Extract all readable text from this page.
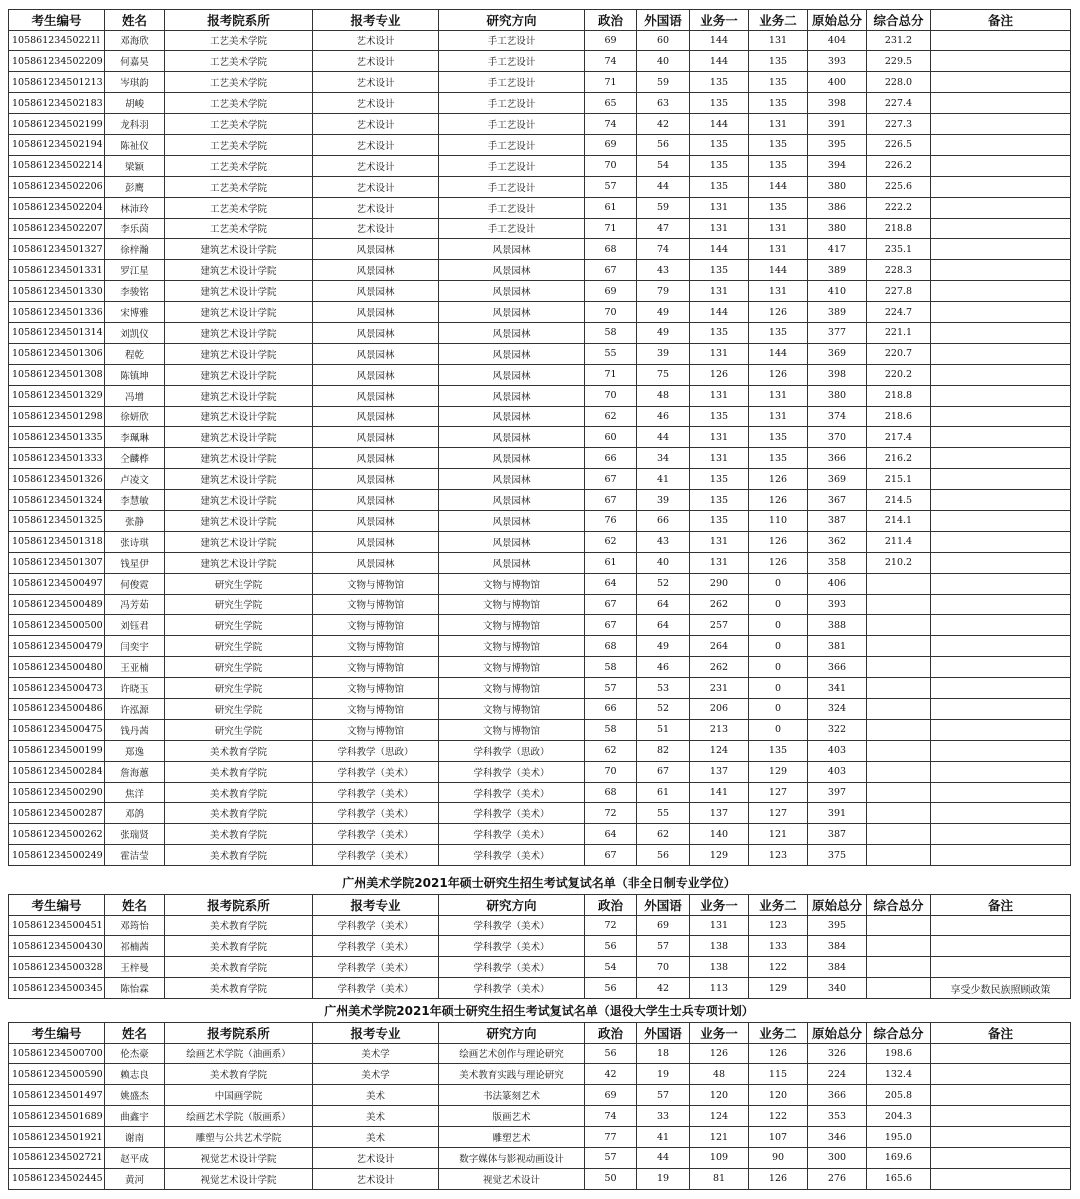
考生编号	姓名	报考院系所	报考专业	研究方向	政治	外国语	业务一	业务二	原始总分	综合总分	备注
10586123450221l	邓海欣	工艺美术学院	艺术设计	手工艺设计	69	60	144	131	404	231.2	
105861234502209	何嘉昊	工艺美术学院	艺术设计	手工艺设计	74	40	144	135	393	229.5	
105861234501213	岑琪韵	工艺美术学院	艺术设计	手工艺设计	71	59	135	135	400	228.0	
105861234502183	胡峻	工艺美术学院	艺术设计	手工艺设计	65	63	135	135	398	227.4	
105861234502199	龙科羽	工艺美术学院	艺术设计	手工艺设计	74	42	144	131	391	227.3	
105861234502194	陈祉仪	工艺美术学院	艺术设计	手工艺设计	69	56	135	135	395	226.5	
105861234502214	梁颖	工艺美术学院	艺术设计	手工艺设计	70	54	135	135	394	226.2	
105861234502206	彭鹰	工艺美术学院	艺术设计	手工艺设计	57	44	135	144	380	225.6	
105861234502204	林沛玲	工艺美术学院	艺术设计	手工艺设计	61	59	131	135	386	222.2	
105861234502207	李乐茵	工艺美术学院	艺术设计	手工艺设计	71	47	131	131	380	218.8	
105861234501327	徐梓瀚	建筑艺术设计学院	风景园林	风景园林	68	74	144	131	417	235.1	
105861234501331	罗江星	建筑艺术设计学院	风景园林	风景园林	67	43	135	144	389	228.3	
105861234501330	李骏铭	建筑艺术设计学院	风景园林	风景园林	69	79	131	131	410	227.8	
105861234501336	宋博雅	建筑艺术设计学院	风景园林	风景园林	70	49	144	126	389	224.7	
105861234501314	刘凯仪	建筑艺术设计学院	风景园林	风景园林	58	49	135	135	377	221.1	
105861234501306	程乾	建筑艺术设计学院	风景园林	风景园林	55	39	131	144	369	220.7	
105861234501308	陈镇坤	建筑艺术设计学院	风景园林	风景园林	71	75	126	126	398	220.2	
105861234501329	冯增	建筑艺术设计学院	风景园林	风景园林	70	48	131	131	380	218.8	
105861234501298	徐妍欣	建筑艺术设计学院	风景园林	风景园林	62	46	135	131	374	218.6	
105861234501335	李珮琳	建筑艺术设计学院	风景园林	风景园林	60	44	131	135	370	217.4	
105861234501333	仝麟桦	建筑艺术设计学院	风景园林	风景园林	66	34	131	135	366	216.2	
105861234501326	卢凌文	建筑艺术设计学院	风景园林	风景园林	67	41	135	126	369	215.1	
105861234501324	李慧敏	建筑艺术设计学院	风景园林	风景园林	67	39	135	126	367	214.5	
105861234501325	张静	建筑艺术设计学院	风景园林	风景园林	76	66	135	110	387	214.1	
105861234501318	张诗琪	建筑艺术设计学院	风景园林	风景园林	62	43	131	126	362	211.4	
105861234501307	钱星伊	建筑艺术设计学院	风景园林	风景园林	61	40	131	126	358	210.2	
105861234500497	何俊霓	研究生学院	文物与博物馆	文物与博物馆	64	52	290	0	406		
105861234500489	冯芳茹	研究生学院	文物与博物馆	文物与博物馆	67	64	262	0	393		
105861234500500	刘钰君	研究生学院	文物与博物馆	文物与博物馆	67	64	257	0	388		
105861234500479	闫奕宇	研究生学院	文物与博物馆	文物与博物馆	68	49	264	0	381		
105861234500480	王亚楠	研究生学院	文物与博物馆	文物与博物馆	58	46	262	0	366		
105861234500473	许晓玉	研究生学院	文物与博物馆	文物与博物馆	57	53	231	0	341		
105861234500486	许泓源	研究生学院	文物与博物馆	文物与博物馆	66	52	206	0	324		
105861234500475	钱丹茜	研究生学院	文物与博物馆	文物与博物馆	58	51	213	0	322		
105861234500199	郑逸	美术教育学院	学科教学（思政）	学科教学（思政）	62	82	124	135	403		
105861234500284	詹海蕙	美术教育学院	学科教学（美术）	学科教学（美术）	70	67	137	129	403		
105861234500290	焦洋	美术教育学院	学科教学（美术）	学科教学（美术）	68	61	141	127	397		
105861234500287	邓鸽	美术教育学院	学科教学（美术）	学科教学（美术）	72	55	137	127	391		
105861234500262	张瑞贤	美术教育学院	学科教学（美术）	学科教学（美术）	64	62	140	121	387		
105861234500249	霍洁莹	美术教育学院	学科教学（美术）	学科教学（美术）	67	56	129	123	375		
广州美术学院2021年硕士研究生招生考试复试名单（非全日制专业学位）
考生编号	姓名	报考院系所	报考专业	研究方向	政治	外国语	业务一	业务二	原始总分	综合总分	备注
105861234500451	邓筠怡	美术教育学院	学科教学（美术）	学科教学（美术）	72	69	131	123	395		
105861234500430	祁楠茜	美术教育学院	学科教学（美术）	学科教学（美术）	56	57	138	133	384		
105861234500328	王梓曼	美术教育学院	学科教学（美术）	学科教学（美术）	54	70	138	122	384		
105861234500345	陈怡霖	美术教育学院	学科教学（美术）	学科教学（美术）	56	42	113	129	340		享受少数民族照顾政策
广州美术学院2021年硕士研究生招生考试复试名单（退役大学生士兵专项计划）
考生编号	姓名	报考院系所	报考专业	研究方向	政治	外国语	业务一	业务二	原始总分	综合总分	备注
105861234500700	伦杰豪	绘画艺术学院（油画系）	美术学	绘画艺术创作与理论研究	56	18	126	126	326	198.6	
105861234500590	赖志良	美术教育学院	美术学	美术教育实践与理论研究	42	19	48	115	224	132.4	
105861234501497	姚盛杰	中国画学院	美术	书法篆刻艺术	69	57	120	120	366	205.8	
105861234501689	曲鑫宇	绘画艺术学院（版画系）	美术	版画艺术	74	33	124	122	353	204.3	
105861234501921	谢南	雕塑与公共艺术学院	美术	雕塑艺术	77	41	121	107	346	195.0	
105861234502721	赵平成	视觉艺术设计学院	艺术设计	数字媒体与影视动画设计	57	44	109	90	300	169.6	
105861234502445	黄河	视觉艺术设计学院	艺术设计	视觉艺术设计	50	19	81	126	276	165.6	
